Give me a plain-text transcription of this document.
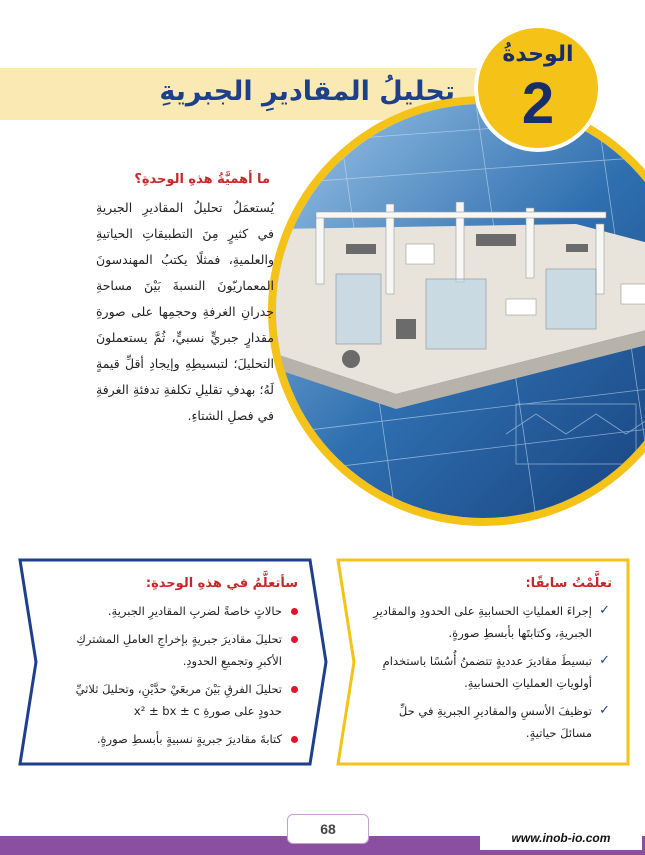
تحليلُ المقاديرِ الجبريةِ
الوحدةُ
2
ما أهميَّةُ هذهِ الوحدةِ؟
يُستعمَلُ تحليلُ المقاديرِ الجبريةِ في كثيرٍ مِنَ التطبيقاتِ الحياتيةِ والعلميةِ، فمثلًا يكتبُ المهندسونَ المعماريّونَ النسبةَ بَيْنَ مساحةِ جدرانِ الغرفةِ وحجمِها على صورةِ مقدارٍ جبريٍّ نسبيٍّ، ثُمَّ يستعملونَ التحليلَ؛ لتبسيطِهِ وإيجادِ أقلِّ قيمةٍ لَهُ؛ بهدفِ تقليلِ تكلفةِ تدفئةِ الغرفةِ في فصلِ الشتاءِ.
تعلَّمْتُ سابقًا:
✓
إجراءَ العملياتِ الحسابيةِ على الحدودِ والمقاديرِ الجبريةِ، وكتابتَها بأبسطِ صورةٍ.
✓
تبسيطَ مقاديرَ عدديةٍ تتضمنُ أُسُسًا باستخدامِ أولوياتِ العملياتِ الحسابيةِ.
✓
توظيفَ الأسسِ والمقاديرِ الجبريةِ في حلِّ مسائلَ حياتيةٍ.
سأتعلَّمُ في هذهِ الوحدةِ:
حالاتٍ خاصةً لضربِ المقاديرِ الجبريةِ.
تحليلَ مقاديرَ جبريةٍ بإخراجِ العاملِ المشتركِ الأكبرِ وتجميعِ الحدودِ.
تحليلَ الفرقِ بَيْنَ مربعَيْ حدَّيْنِ، وتحليلَ ثلاثيِّ حدودٍ على صورةِ x² ± bx ± c
كتابةَ مقاديرَ جبريةٍ نسبيةٍ بأبسطِ صورةٍ.
68
www.inob-io.com
